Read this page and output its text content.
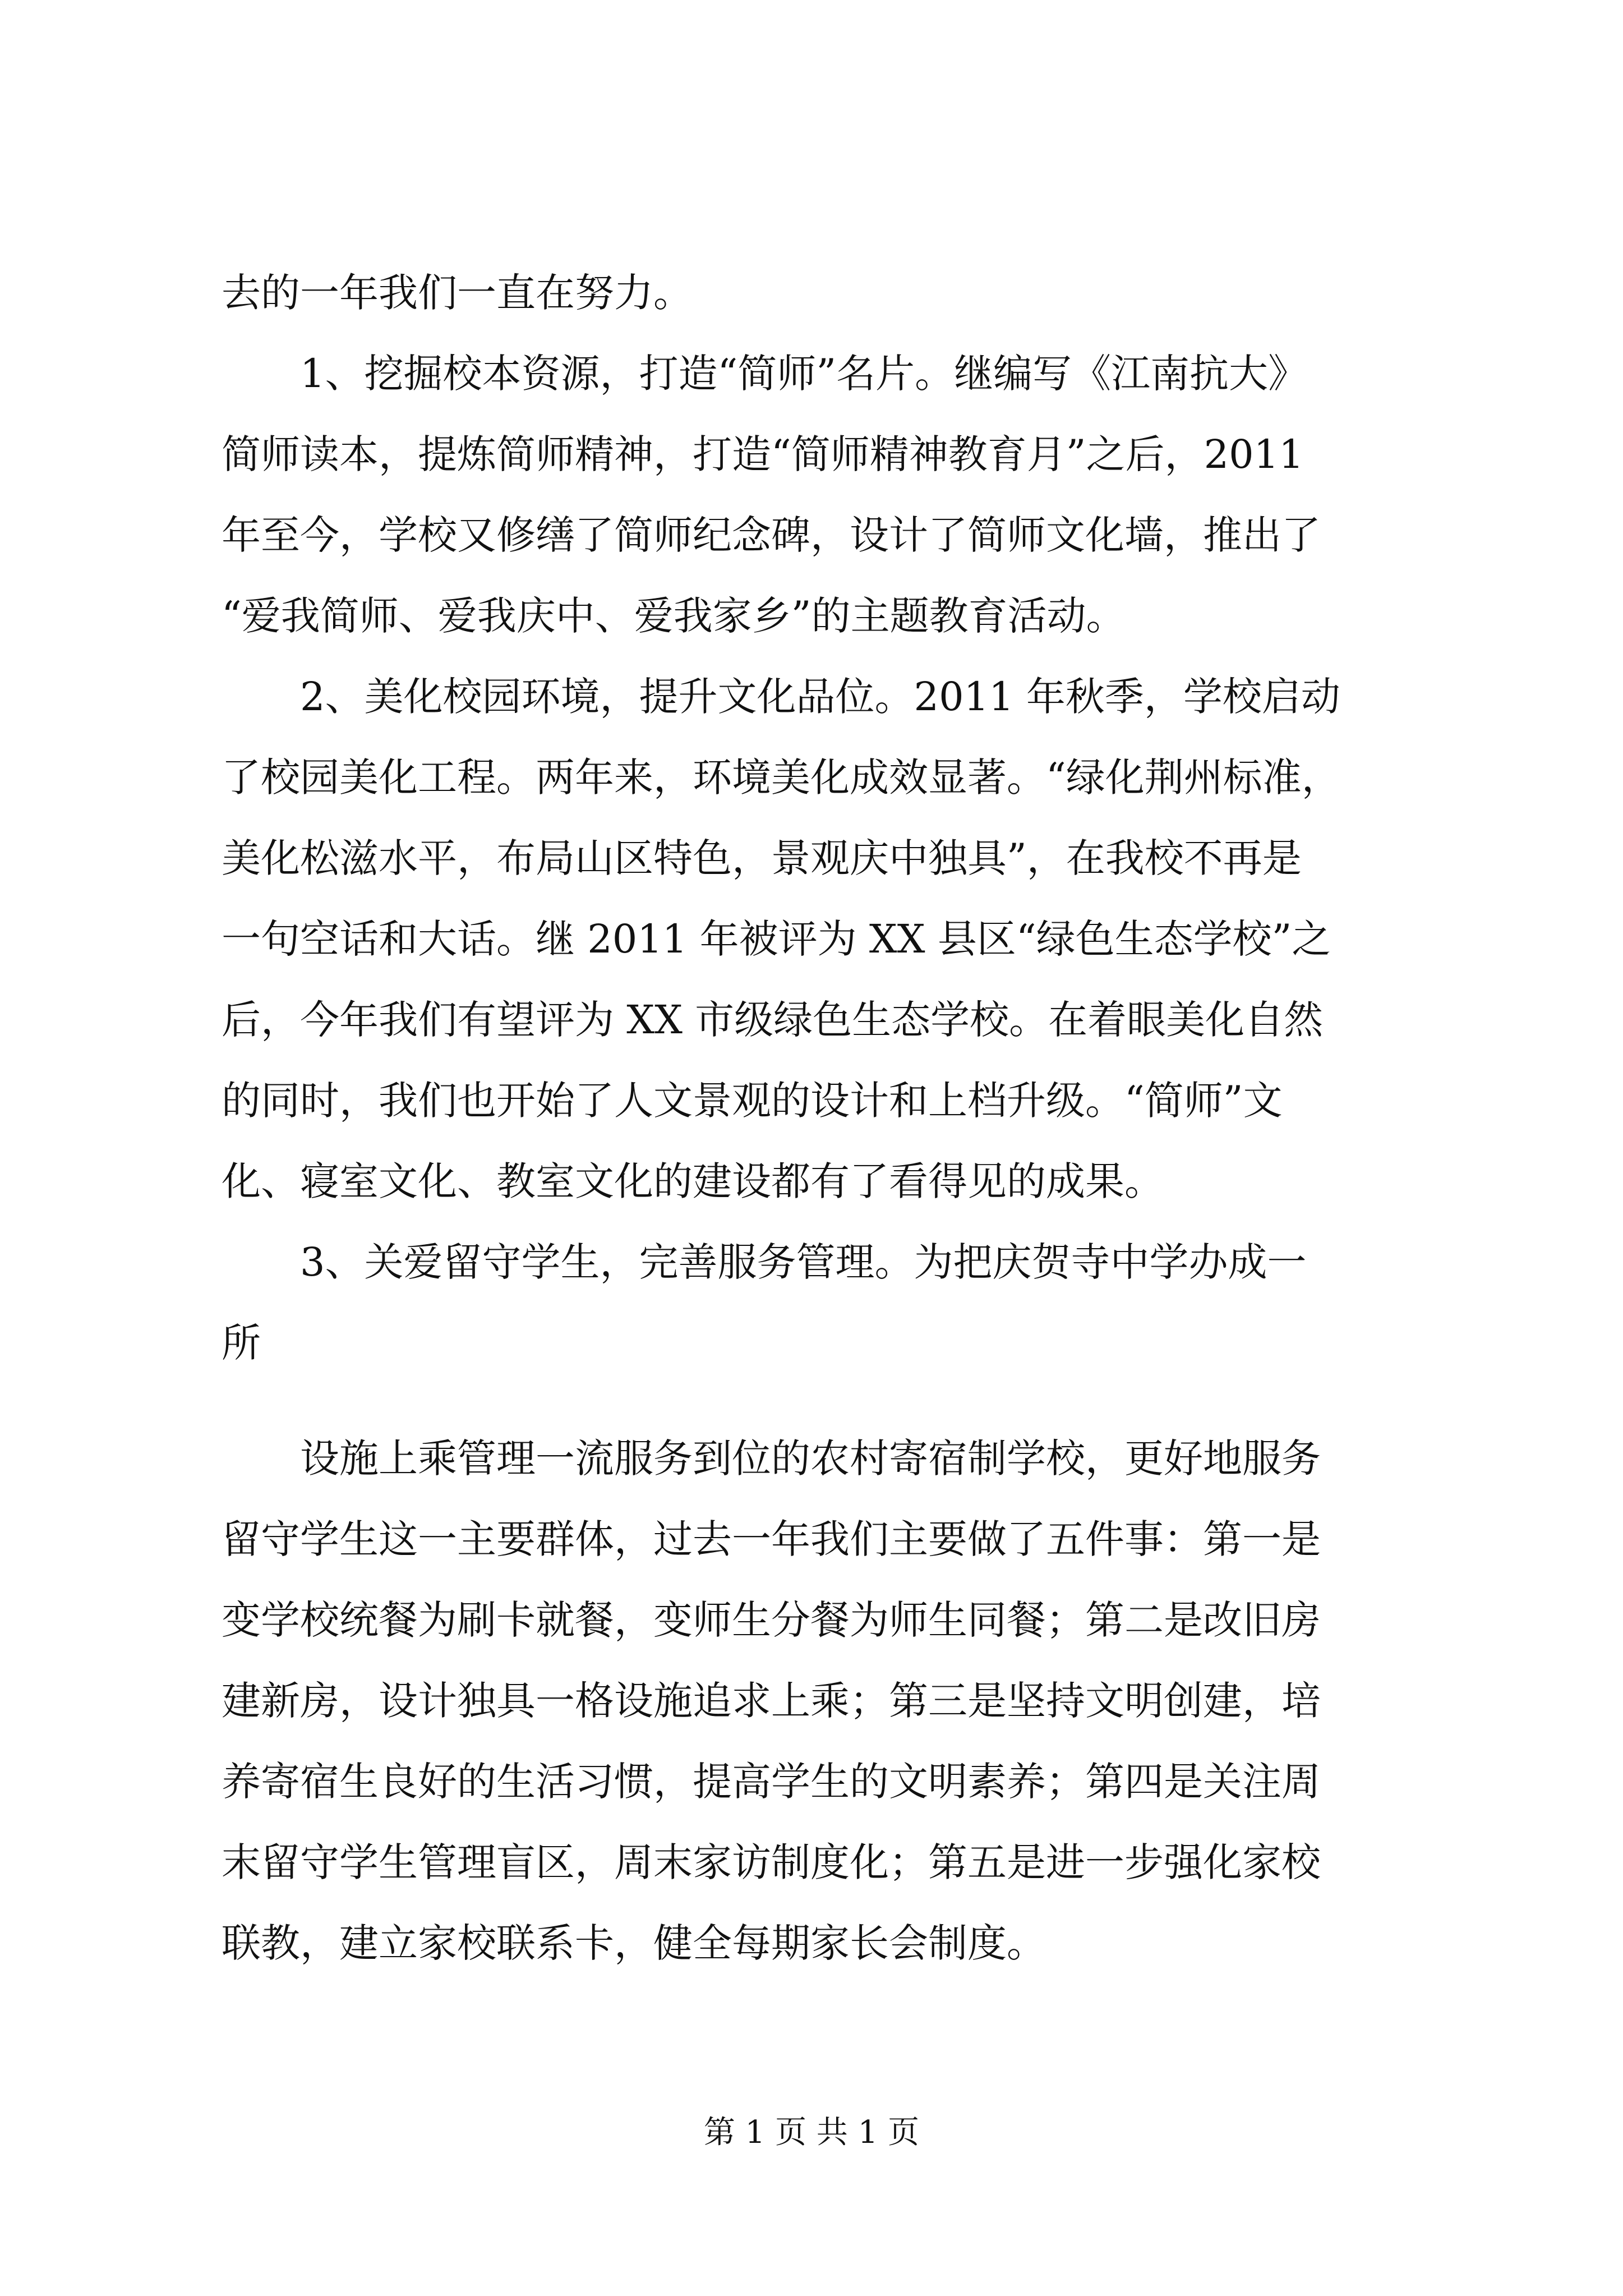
去的一年我们一直在努力。
　　1、挖掘校本资源，打造“简师”名片。继编写《江南抗大》
简师读本，提炼简师精神，打造“简师精神教育月”之后，2011
年至今，学校又修缮了简师纪念碑，设计了简师文化墙，推出了
“爱我简师、爱我庆中、爱我家乡”的主题教育活动。
　　2、美化校园环境，提升文化品位。2011 年秋季，学校启动
了校园美化工程。两年来，环境美化成效显著。“绿化荆州标准，
美化松滋水平，布局山区特色，景观庆中独具”，在我校不再是
一句空话和大话。继 2011 年被评为 XX 县区“绿色生态学校”之
后，今年我们有望评为 XX 市级绿色生态学校。在着眼美化自然
的同时，我们也开始了人文景观的设计和上档升级。“简师”文
化、寝室文化、教室文化的建设都有了看得见的成果。
　　3、关爱留守学生，完善服务管理。为把庆贺寺中学办成一
所
　　设施上乘管理一流服务到位的农村寄宿制学校，更好地服务
留守学生这一主要群体，过去一年我们主要做了五件事：第一是
变学校统餐为刷卡就餐，变师生分餐为师生同餐；第二是改旧房
建新房，设计独具一格设施追求上乘；第三是坚持文明创建，培
养寄宿生良好的生活习惯，提高学生的文明素养；第四是关注周
末留守学生管理盲区，周末家访制度化；第五是进一步强化家校
联教，建立家校联系卡，健全每期家长会制度。
第 1 页 共 1 页
